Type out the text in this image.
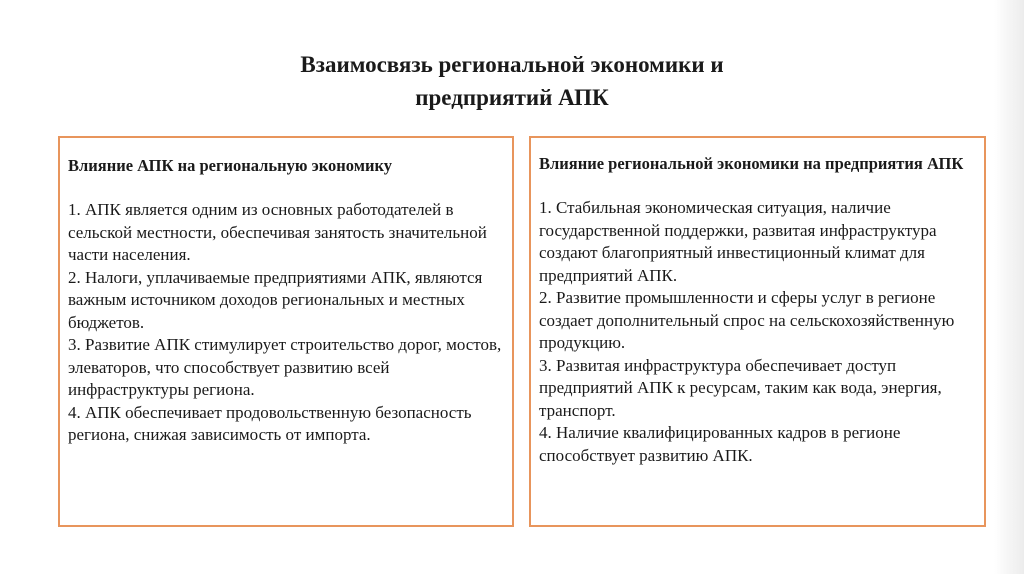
Взаимосвязь региональной экономики и
предприятий АПК
Влияние АПК на региональную экономику

1. АПК является одним из основных работодателей в сельской местности, обеспечивая занятость значительной части населения.

2. Налоги, уплачиваемые предприятиями АПК, являются важным источником доходов региональных и местных бюджетов.

3. Развитие АПК стимулирует строительство дорог, мостов, элеваторов, что способствует развитию всей инфраструктуры региона.

4. АПК обеспечивает продовольственную безопасность региона, снижая зависимость от импорта.

Влияние региональной экономики на предприятия АПК

1. Стабильная экономическая ситуация, наличие государственной поддержки, развитая инфраструктура создают благоприятный инвестиционный климат для предприятий АПК.

2. Развитие промышленности и сферы услуг в регионе создает дополнительный спрос на сельскохозяйственную продукцию.

3. Развитая инфраструктура обеспечивает доступ предприятий АПК к ресурсам, таким как вода, энергия, транспорт.

4. Наличие квалифицированных кадров в регионе способствует развитию АПК.
